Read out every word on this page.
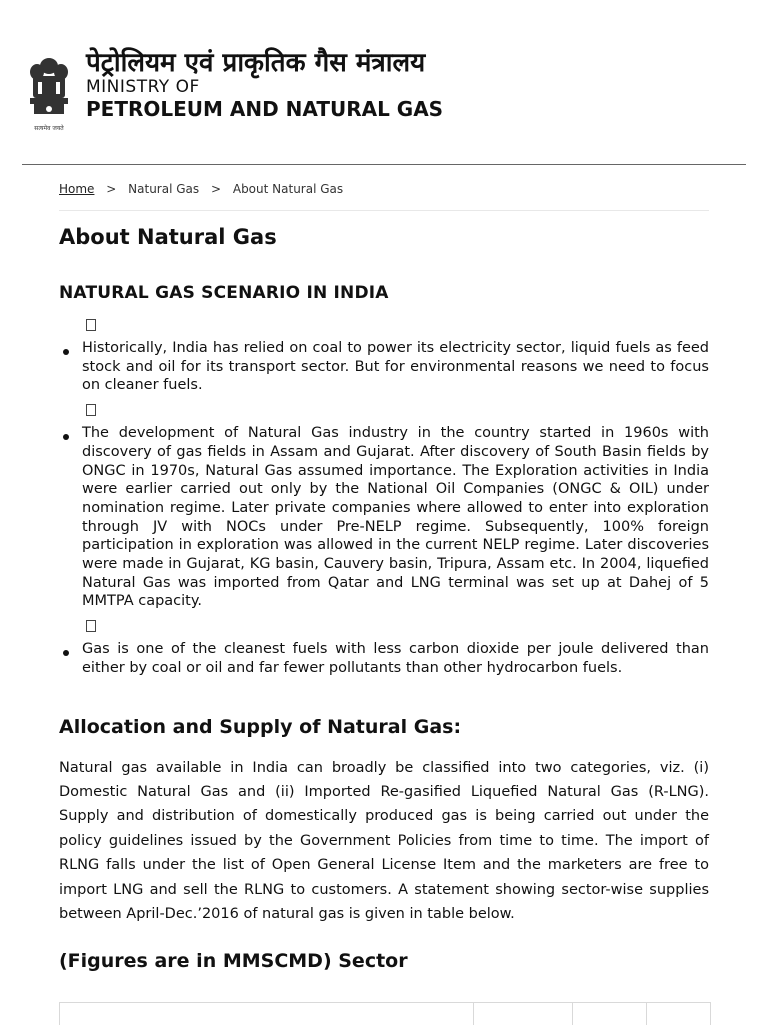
सत्यमेव जयते
पेट्रोलियम एवं प्राकृतिक गैस मंत्रालय
MINISTRY OF
PETROLEUM AND NATURAL GAS
Home > Natural Gas > About Natural Gas
About Natural Gas
NATURAL GAS SCENARIO IN INDIA
Historically, India has relied on coal to power its electricity sector, liquid fuels as feed stock and oil for its transport sector. But for environmental reasons we need to focus on cleaner fuels.
The development of Natural Gas industry in the country started in 1960s with discovery of gas fields in Assam and Gujarat. After discovery of South Basin fields by ONGC in 1970s, Natural Gas assumed importance. The Exploration activities in India were earlier carried out only by the National Oil Companies (ONGC & OIL) under nomination regime. Later private companies where allowed to enter into exploration through JV with NOCs under Pre-NELP regime. Subsequently, 100% foreign participation in exploration was allowed in the current NELP regime. Later discoveries were made in Gujarat, KG basin, Cauvery basin, Tripura, Assam etc. In 2004, liquefied Natural Gas was imported from Qatar and LNG terminal was set up at Dahej of 5 MMTPA capacity.
Gas is one of the cleanest fuels with less carbon dioxide per joule delivered than either by coal or oil and far fewer pollutants than other hydrocarbon fuels.
Allocation and Supply of Natural Gas:

Natural gas available in India can broadly be classified into two categories, viz. (i) Domestic Natural Gas and (ii) Imported Re-gasified Liquefied Natural Gas (R-LNG). Supply and distribution of domestically produced gas is being carried out under the policy guidelines issued by the Government Policies from time to time. The import of RLNG falls under the list of Open General License Item and the marketers are free to import LNG and sell the RLNG to customers. A statement showing sector-wise supplies between April-Dec.’2016 of natural gas is given in table below.

(Figures are in MMSCMD) Sector
